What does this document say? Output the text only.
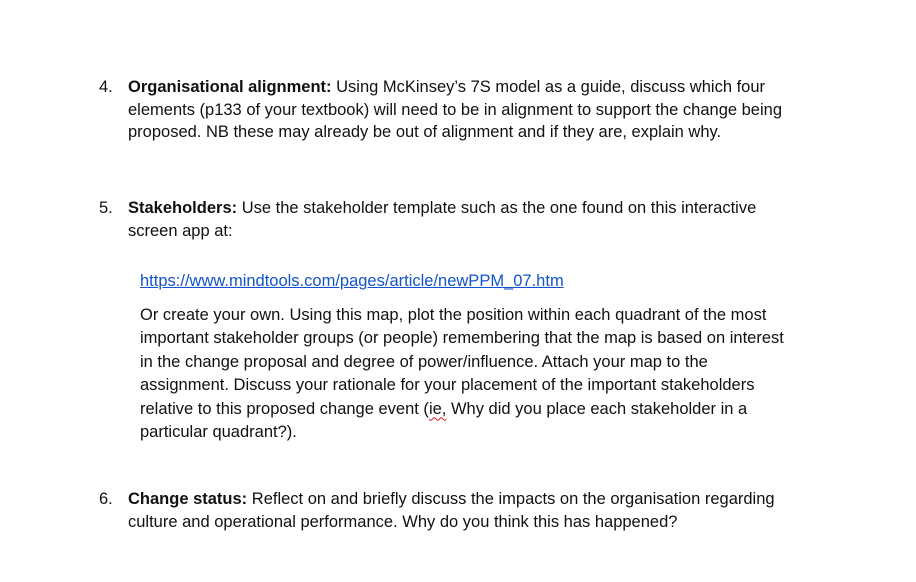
4. Organisational alignment: Using McKinsey’s 7S model as a guide, discuss which four elements (p133 of your textbook) will need to be in alignment to support the change being proposed. NB these may already be out of alignment and if they are, explain why.
5. Stakeholders: Use the stakeholder template such as the one found on this interactive screen app at:
https://www.mindtools.com/pages/article/newPPM_07.htm
Or create your own. Using this map, plot the position within each quadrant of the most important stakeholder groups (or people) remembering that the map is based on interest in the change proposal and degree of power/influence. Attach your map to the assignment. Discuss your rationale for your placement of the important stakeholders relative to this proposed change event (ie, Why did you place each stakeholder in a particular quadrant?).
6. Change status: Reflect on and briefly discuss the impacts on the organisation regarding culture and operational performance. Why do you think this has happened?
